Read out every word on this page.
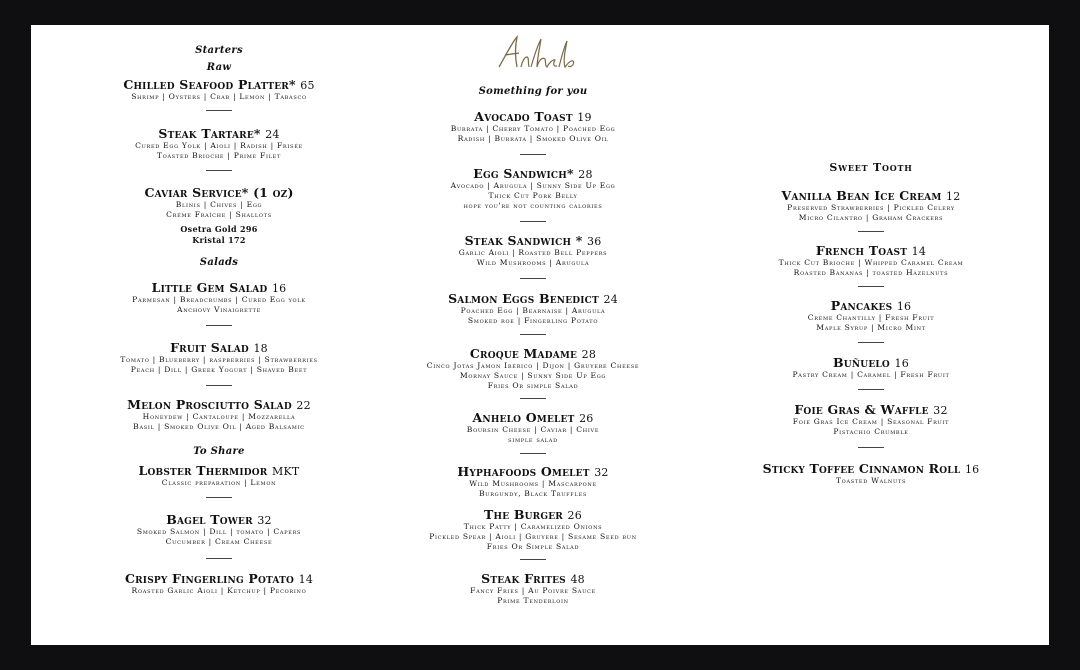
Starters
Raw
Chilled Seafood Platter* 65
Shrimp | Oysters | Crab | Lemon | Tabasco
Steak Tartare* 24
Cured Egg Yolk | Aioli | Radish | Frisée
Toasted Brioche | Prime Filet
Caviar Service* (1 oz)
Blinis | Chives | Egg
Créme Fraîche | Shallots
Osetra Gold 296
Kristal 172
Salads
Little Gem Salad 16
Parmesan | Breadcrumbs | Cured Egg yolk
Anchovy Vinaigrette
Fruit Salad 18
Tomato | Blueberry | raspberries | Strawberries
Peach | Dill | Greek Yogurt | Shaved Beet
Melon Prosciutto Salad 22
Honeydew | Cantaloupe | Mozzarella
Basil | Smoked Olive Oil | Aged Balsamic
To Share
Lobster Thermidor MKT
Classic preparation | Lemon
Bagel Tower 32
Smoked Salmon | Dill | tomato | Capers
Cucumber | Cream Cheese
Crispy Fingerling Potato 14
Roasted Garlic Aioli | Ketchup | Pecorino
Something for you
Avocado Toast 19
Burrata | Cherry Tomato | Poached Egg
Radish | Burrata | Smoked Olive Oil
Egg Sandwich* 28
Avocado | Arugula | Sunny Side Up Egg
Thick Cut Pork Belly
hope you're not counting calories
Steak Sandwich * 36
Garlic Aioli | Roasted Bell Peppers
Wild Mushrooms | Arugula
Salmon Eggs Benedict 24
Poached Egg | Bearnaise | Arugula
Smoked roe | Fingerling Potato
Croque Madame 28
Cinco Jotas Jamon Ibérico | Dijon | Gruyere Cheese
Mornay Sauce | Sunny Side Up Egg
Fries Or simple Salad
Anhelo Omelet 26
Boursin Cheese | Caviar | Chive
simple salad
Hyphafoods Omelet 32
Wild Mushrooms | Mascarpone
Burgundy, Black Truffles
The Burger 26
Thick Patty | Caramelized Onions
Pickled Spear | Aioli | Gruyere | Sesame Seed bun
Fries Or Simple Salad
Steak Frites 48
Fancy Fries | Au Poivre Sauce
Prime Tenderloin
Sweet Tooth
Vanilla Bean Ice Cream 12
Preserved Strawberries | Pickled Celery
Micro Cilantro | Graham Crackers
French Toast 14
Thick Cut Brioche | Whipped Caramel Cream
Roasted Bananas | toasted Hazelnuts
Pancakes 16
Crème Chantilly | Fresh Fruit
Maple Syrup | Micro Mint
Buñuelo 16
Pastry Cream | Caramel | Fresh Fruit
Foie Gras & Waffle 32
Foie Gras Ice Cream | Seasonal Fruit
Pistachio Crumble
Sticky Toffee Cinnamon Roll 16
Toasted Walnuts
